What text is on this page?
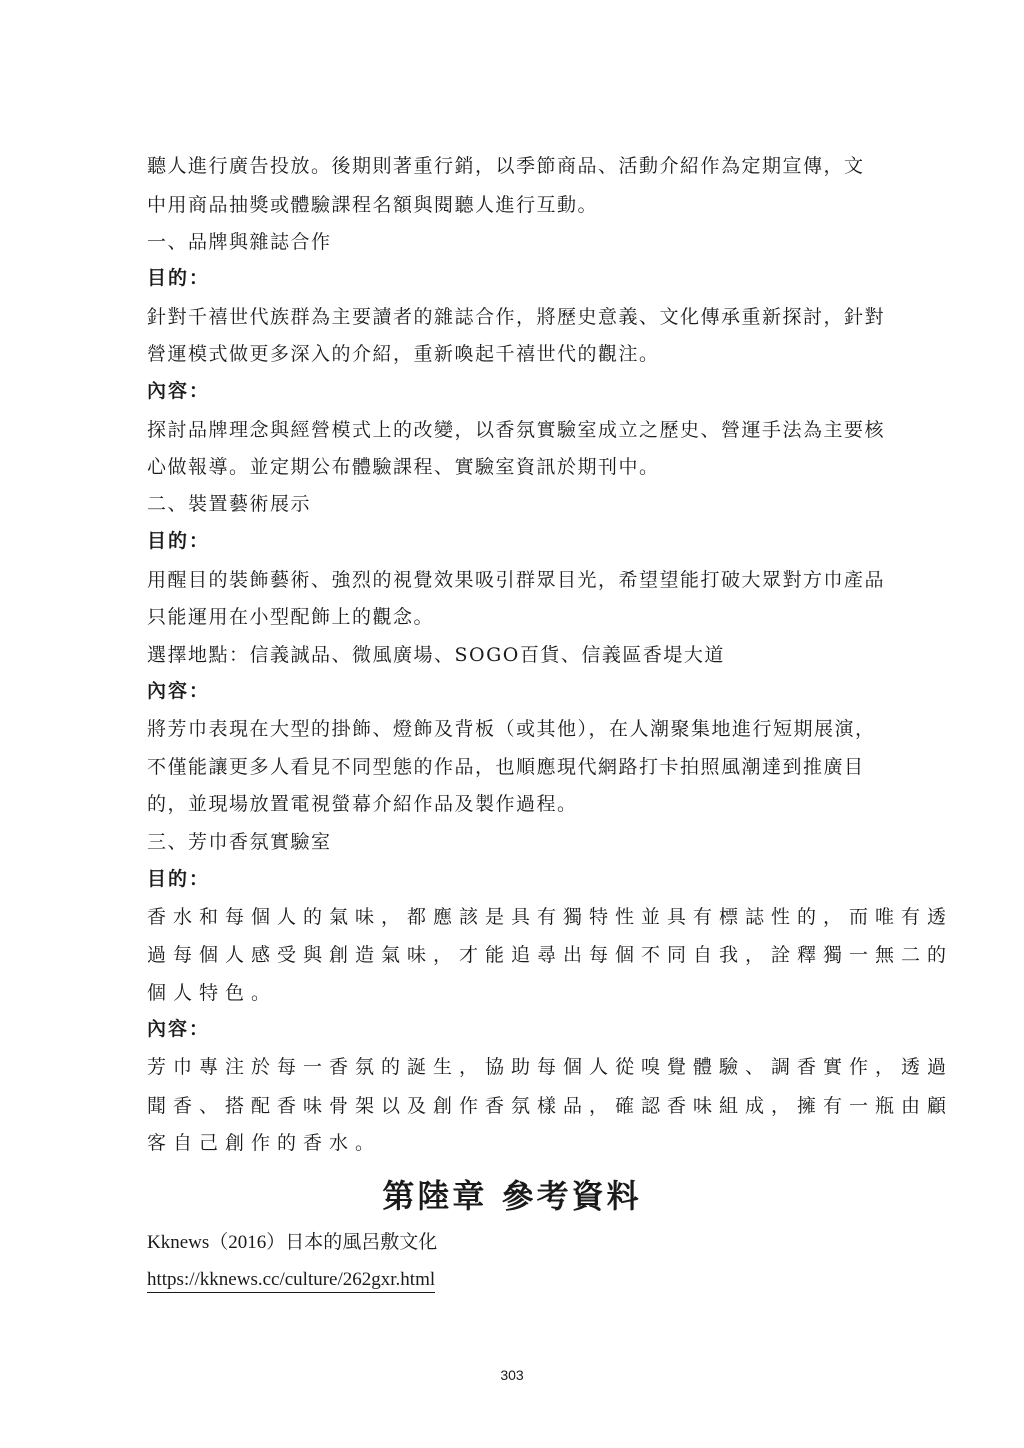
聽人進行廣告投放。後期則著重行銷，以季節商品、活動介紹作為定期宣傳，文
中用商品抽獎或體驗課程名額與閱聽人進行互動。
一、品牌與雜誌合作
目的：
針對千禧世代族群為主要讀者的雜誌合作，將歷史意義、文化傳承重新探討，針對
營運模式做更多深入的介紹，重新喚起千禧世代的觀注。
內容：
探討品牌理念與經營模式上的改變，以香氛實驗室成立之歷史、營運手法為主要核
心做報導。並定期公布體驗課程、實驗室資訊於期刊中。
二、裝置藝術展示
目的：
用醒目的裝飾藝術、強烈的視覺效果吸引群眾目光，希望望能打破大眾對方巾產品
只能運用在小型配飾上的觀念。
選擇地點：信義誠品、微風廣場、SOGO百貨、信義區香堤大道
內容：
將芳巾表現在大型的掛飾、燈飾及背板（或其他），在人潮聚集地進行短期展演，
不僅能讓更多人看見不同型態的作品，也順應現代網路打卡拍照風潮達到推廣目
的，並現場放置電視螢幕介紹作品及製作過程。
三、芳巾香氛實驗室
目的：
香水和每個人的氣味，都應該是具有獨特性並具有標誌性的，而唯有透
過每個人感受與創造氣味，才能追尋出每個不同自我，詮釋獨一無二的
個人特色。
內容：
芳巾專注於每一香氛的誕生，協助每個人從嗅覺體驗、調香實作，透過
聞香、搭配香味骨架以及創作香氛樣品，確認香味組成，擁有一瓶由顧
客自己創作的香水。
第陸章 參考資料
Kknews（2016）日本的風呂敷文化
https://kknews.cc/culture/262gxr.html
303
